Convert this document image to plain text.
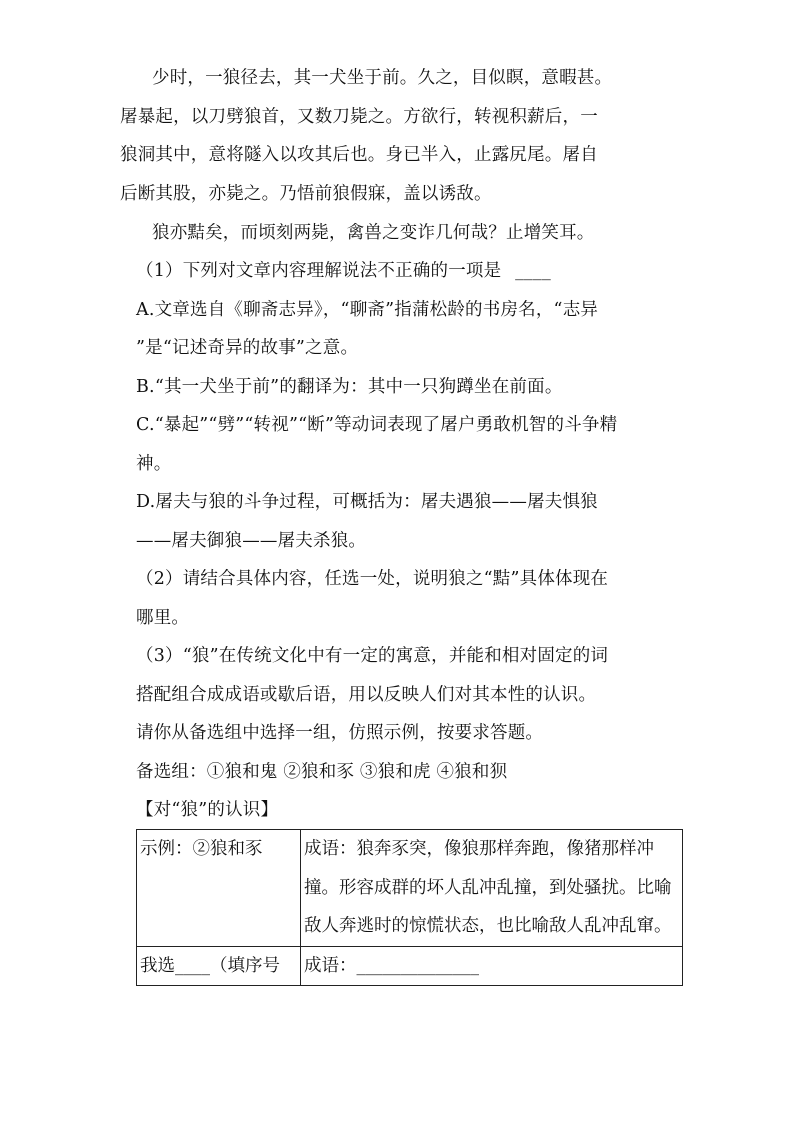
少时，一狼径去，其一犬坐于前。久之，目似瞑，意暇甚。
屠暴起，以刀劈狼首，又数刀毙之。方欲行，转视积薪后，一
狼洞其中，意将隧入以攻其后也。身已半入，止露尻尾。屠自
后断其股，亦毙之。乃悟前狼假寐，盖以诱敌。
狼亦黠矣，而顷刻两毙，禽兽之变诈几何哉？止增笑耳。
（1）下列对文章内容理解说法不正确的一项是 ____
A.文章选自《聊斋志异》，“聊斋”指蒲松龄的书房名，“志异
”是“记述奇异的故事”之意。
B.“其一犬坐于前”的翻译为：其中一只狗蹲坐在前面。
C.“暴起”“劈”“转视”“断”等动词表现了屠户勇敢机智的斗争精
神。
D.屠夫与狼的斗争过程，可概括为：屠夫遇狼——屠夫惧狼
——屠夫御狼——屠夫杀狼。
（2）请结合具体内容，任选一处，说明狼之“黠”具体体现在
哪里。
（3）“狼”在传统文化中有一定的寓意，并能和相对固定的词
搭配组合成成语或歇后语，用以反映人们对其本性的认识。
请你从备选组中选择一组，仿照示例，按要求答题。
备选组：①狼和鬼 ②狼和豕 ③狼和虎 ④狼和狈
【对“狼”的认识】
示例：②狼和豕	成语：狼奔豕突，像狼那样奔跑，像猪那样冲撞。形容成群的坏人乱冲乱撞，到处骚扰。比喻敌人奔逃时的惊慌状态，也比喻敌人乱冲乱窜。
我选____（填序号	成语：______________
